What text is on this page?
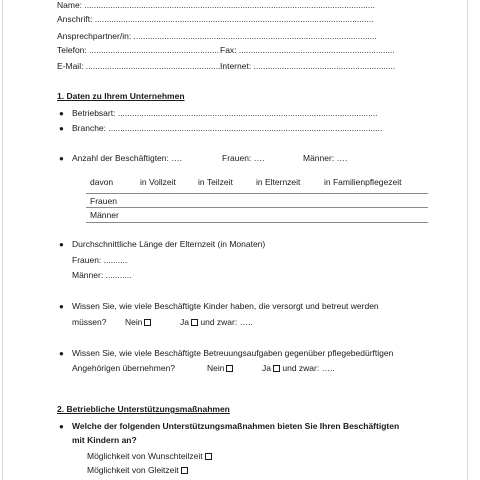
Name: ...........................................................................................................................
Anschrift: ......................................................................................................................
Ansprechpartner/in: .......................................................................................................
Telefon: ....................................................... Fax: ..................................................................
E-Mail: ......................................................... Internet: ............................................................
1. Daten zu Ihrem Unternehmen
● Betriebsart: ..............................................................................................................
● Branche: ....................................................................................................................
● Anzahl der Beschäftigten: ….	Frauen: ….	Männer: ….
davon	in Vollzeit	in Teilzeit	in Elternzeit	in Familienpflegezeit
Frauen
Männer
● Durchschnittliche Länge der Elternzeit (in Monaten)
Frauen: ..........
Männer: ...........
● Wissen Sie, wie viele Beschäftigte Kinder haben, die versorgt und betreut werden
müssen? Nein	Ja und zwar: …..
● Wissen Sie, wie viele Beschäftigte Betreuungsaufgaben gegenüber pflegebedürftigen
Angehörigen übernehmen?	Nein	Ja und zwar: …..
2. Betriebliche Unterstützungsmaßnahmen
● Welche der folgenden Unterstützungsmaßnahmen bieten Sie Ihren Beschäftigten
mit Kindern an?
Möglichkeit von Wunschteilzeit
Möglichkeit von Gleitzeit
